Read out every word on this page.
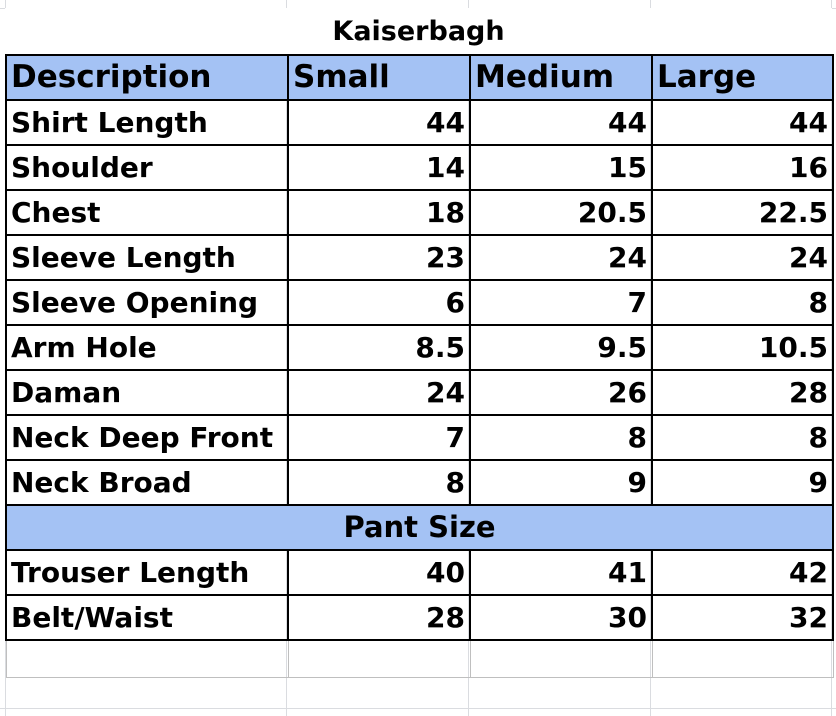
Kaiserbagh
Description	Small	Medium	Large
Shirt Length	44	44	44
Shoulder	14	15	16
Chest	18	20.5	22.5
Sleeve Length	23	24	24
Sleeve Opening	6	7	8
Arm Hole	8.5	9.5	10.5
Daman	24	26	28
Neck Deep Front	7	8	8
Neck Broad	8	9	9
Pant Size			
Trouser Length	40	41	42
Belt/Waist	28	30	32
